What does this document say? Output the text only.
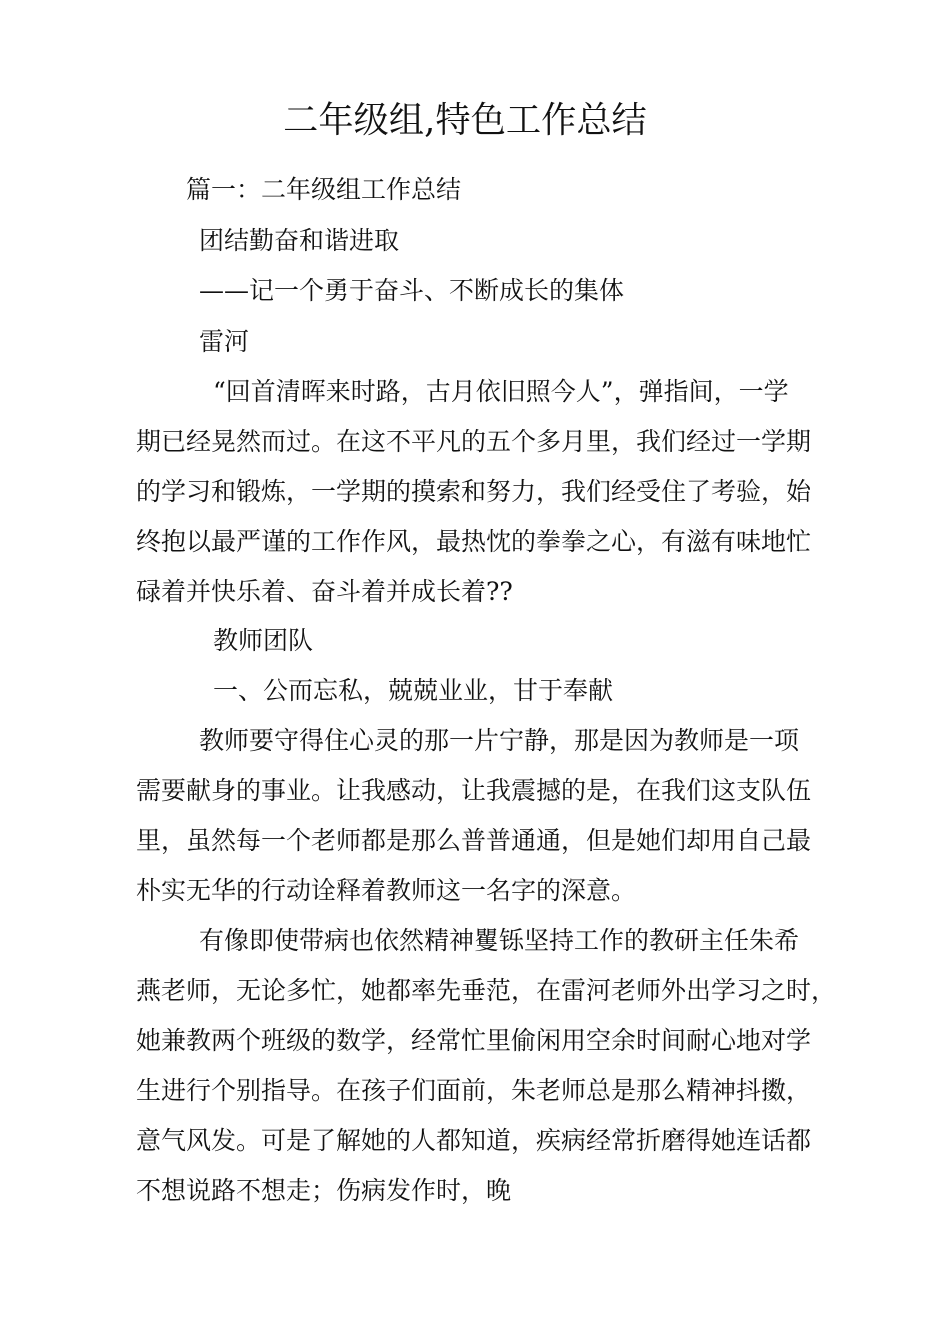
二年级组,特色工作总结
篇一：二年级组工作总结
团结勤奋和谐进取
——记一个勇于奋斗、不断成长的集体
雷河
“回首清晖来时路，古月依旧照今人”，弹指间，一学
期已经晃然而过。在这不平凡的五个多月里，我们经过一学期
的学习和锻炼，一学期的摸索和努力，我们经受住了考验，始
终抱以最严谨的工作作风，最热忱的拳拳之心，有滋有味地忙
碌着并快乐着、奋斗着并成长着??
教师团队
一、公而忘私，兢兢业业，甘于奉献
教师要守得住心灵的那一片宁静，那是因为教师是一项
需要献身的事业。让我感动，让我震撼的是，在我们这支队伍
里，虽然每一个老师都是那么普普通通，但是她们却用自己最
朴实无华的行动诠释着教师这一名字的深意。
有像即使带病也依然精神矍铄坚持工作的教研主任朱希
燕老师，无论多忙，她都率先垂范，在雷河老师外出学习之时，
她兼教两个班级的数学，经常忙里偷闲用空余时间耐心地对学
生进行个别指导。在孩子们面前，朱老师总是那么精神抖擞，
意气风发。可是了解她的人都知道，疾病经常折磨得她连话都
不想说路不想走；伤病发作时，晚
